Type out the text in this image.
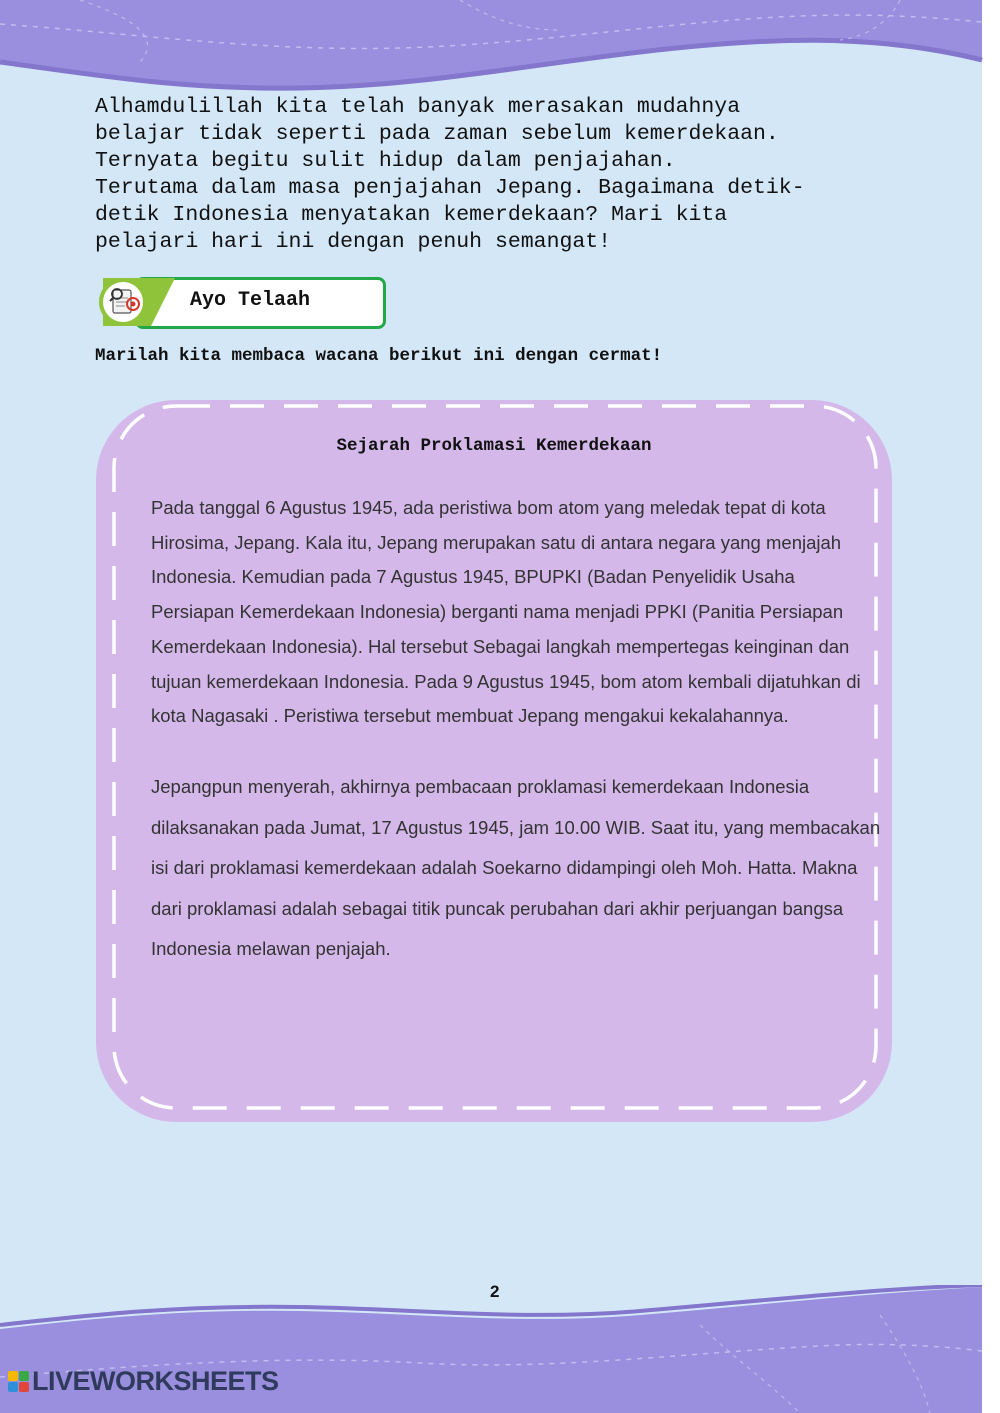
Alhamdulillah kita telah banyak merasakan mudahnya
belajar tidak seperti pada zaman sebelum kemerdekaan.
Ternyata begitu sulit hidup dalam penjajahan.
Terutama dalam masa penjajahan Jepang. Bagaimana detik-
detik Indonesia menyatakan kemerdekaan? Mari kita
pelajari hari ini dengan penuh semangat!

Ayo Telaah
Marilah kita membaca wacana berikut ini dengan cermat!
Sejarah Proklamasi Kemerdekaan

Pada tanggal 6 Agustus 1945, ada peristiwa bom atom yang meledak tepat di kota Hirosima, Jepang. Kala itu, Jepang merupakan satu di antara negara yang menjajah Indonesia. Kemudian pada 7 Agustus 1945, BPUPKI (Badan Penyelidik Usaha Persiapan Kemerdekaan Indonesia) berganti nama menjadi PPKI (Panitia Persiapan Kemerdekaan Indonesia). Hal tersebut Sebagai langkah mempertegas keinginan dan tujuan kemerdekaan Indonesia. Pada 9 Agustus 1945, bom atom kembali dijatuhkan di kota Nagasaki . Peristiwa tersebut membuat Jepang mengakui kekalahannya.

Jepangpun menyerah, akhirnya pembacaan proklamasi kemerdekaan Indonesia dilaksanakan pada Jumat, 17 Agustus 1945, jam 10.00 WIB. Saat itu, yang membacakan isi dari proklamasi kemerdekaan adalah Soekarno didampingi oleh Moh. Hatta. Makna dari proklamasi adalah sebagai titik puncak perubahan dari akhir perjuangan bangsa Indonesia melawan penjajah.

2
LIVEWORKSHEETS
